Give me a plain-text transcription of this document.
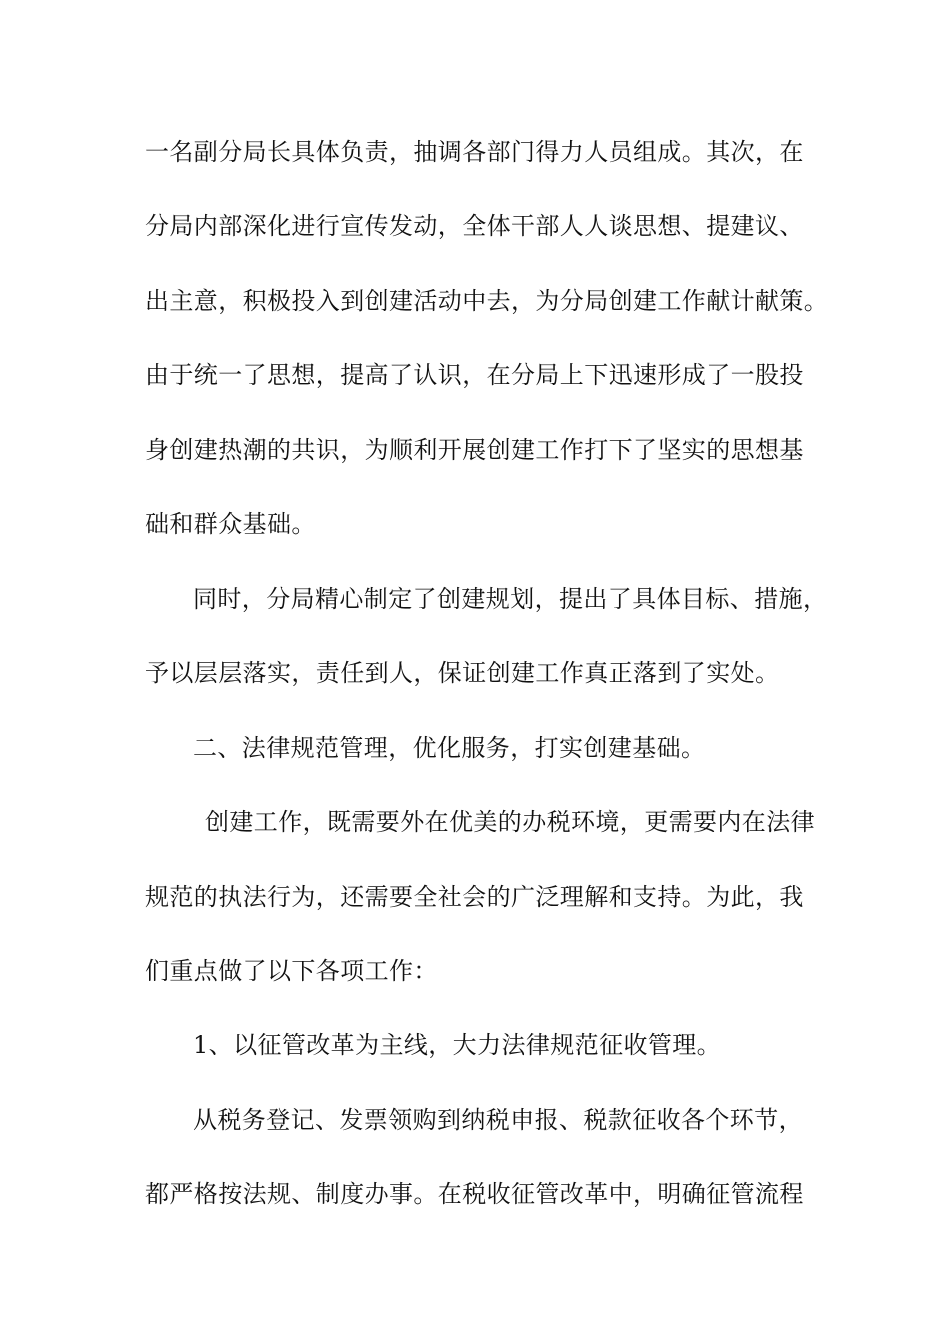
一名副分局长具体负责，抽调各部门得力人员组成。其次，在
分局内部深化进行宣传发动，全体干部人人谈思想、提建议、
出主意，积极投入到创建活动中去，为分局创建工作献计献策。
由于统一了思想，提高了认识，在分局上下迅速形成了一股投
身创建热潮的共识，为顺利开展创建工作打下了坚实的思想基
础和群众基础。
同时，分局精心制定了创建规划，提出了具体目标、措施，
予以层层落实，责任到人，保证创建工作真正落到了实处。
二、法律规范管理，优化服务，打实创建基础。
创建工作，既需要外在优美的办税环境，更需要内在法律
规范的执法行为，还需要全社会的广泛理解和支持。为此，我
们重点做了以下各项工作：
1、以征管改革为主线，大力法律规范征收管理。
从税务登记、发票领购到纳税申报、税款征收各个环节，
都严格按法规、制度办事。在税收征管改革中，明确征管流程
